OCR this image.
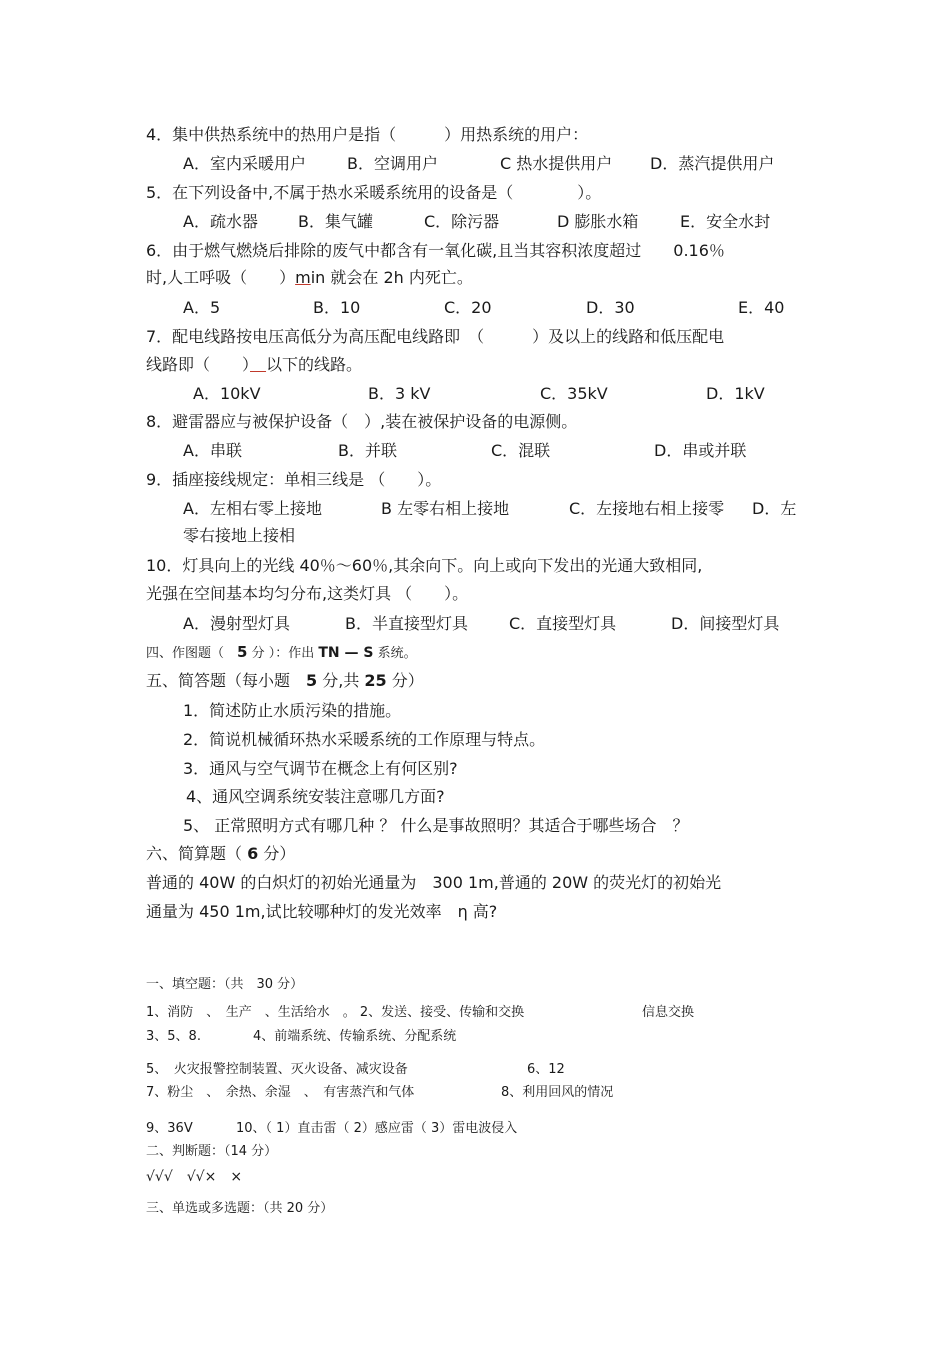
4．集中供热系统中的热用户是指（　　　）用热系统的用户：
A．室内采暖用户	B．空调用户	C 热水提供用户 D．蒸汽提供用户
5．在下列设备中,不属于热水采暖系统用的设备是（　　　　）。
A．疏水器	B．集气罐	C．除污器	D 膨胀水箱	E．安全水封
6．由于燃气燃烧后排除的废气中都含有一氧化碳,且当其容积浓度超过　　0.16％
时,人工呼吸（　　）min 就会在 2h 内死亡。
A．5	B．10	C．20	D．30	E．40
7．配电线路按电压高低分为高压配电线路即　（　　　）及以上的线路和低压配电
线路即（　　）　 以下的线路。
A．10kV	B．3 kV	C．35kV	D．1kV
8．避雷器应与被保护设备（　）,装在被保护设备的电源侧。
A．串联	B．并联	C．混联	D．串或并联
9．插座接线规定：单相三线是 （　　）。
A．左相右零上接地	B 左零右相上接地	C．左接地右相上接零 D．左
零右接地上接相
10．灯具向上的光线 40％～60％,其余向下。向上或向下发出的光通大致相同,
光强在空间基本均匀分布,这类灯具 （　　）。
A．漫射型灯具	B．半直接型灯具	C．直接型灯具	D．间接型灯具
四、作图题（　5 分 ）：作出 TN — S 系统。
五、简答题（每小题　5 分,共 25 分）
1．简述防止水质污染的措施。
2．简说机械循环热水采暖系统的工作原理与特点。
3．通风与空气调节在概念上有何区别?
4、通风空调系统安装注意哪几方面?
5、 正常照明方式有哪几种 ？ 什么是事故照明？其适合于哪些场合　？
六、简算题（ 6 分）
普通的 40W 的白炽灯的初始光通量为　300 1m,普通的 20W 的荧光灯的初始光
通量为 450 1m,试比较哪种灯的发光效率　η 高?
一、填空题：（共　30 分）
1、消防　、　生产　、生活给水　。 2、发送、接受、传输和交换	信息交换
3、5、8.	4、前端系统、传输系统、分配系统
5、　火灾报警控制装置、灭火设备、减灾设备	6、12
7、粉尘　、　余热、余湿　、　有害蒸汽和气体	8、利用回风的情况
9、36V	10、（ 1）直击雷（ 2）感应雷（ 3）雷电波侵入
二、判断题：（14 分）
√√√　√√×　×
三、单选或多选题：（共 20 分）
